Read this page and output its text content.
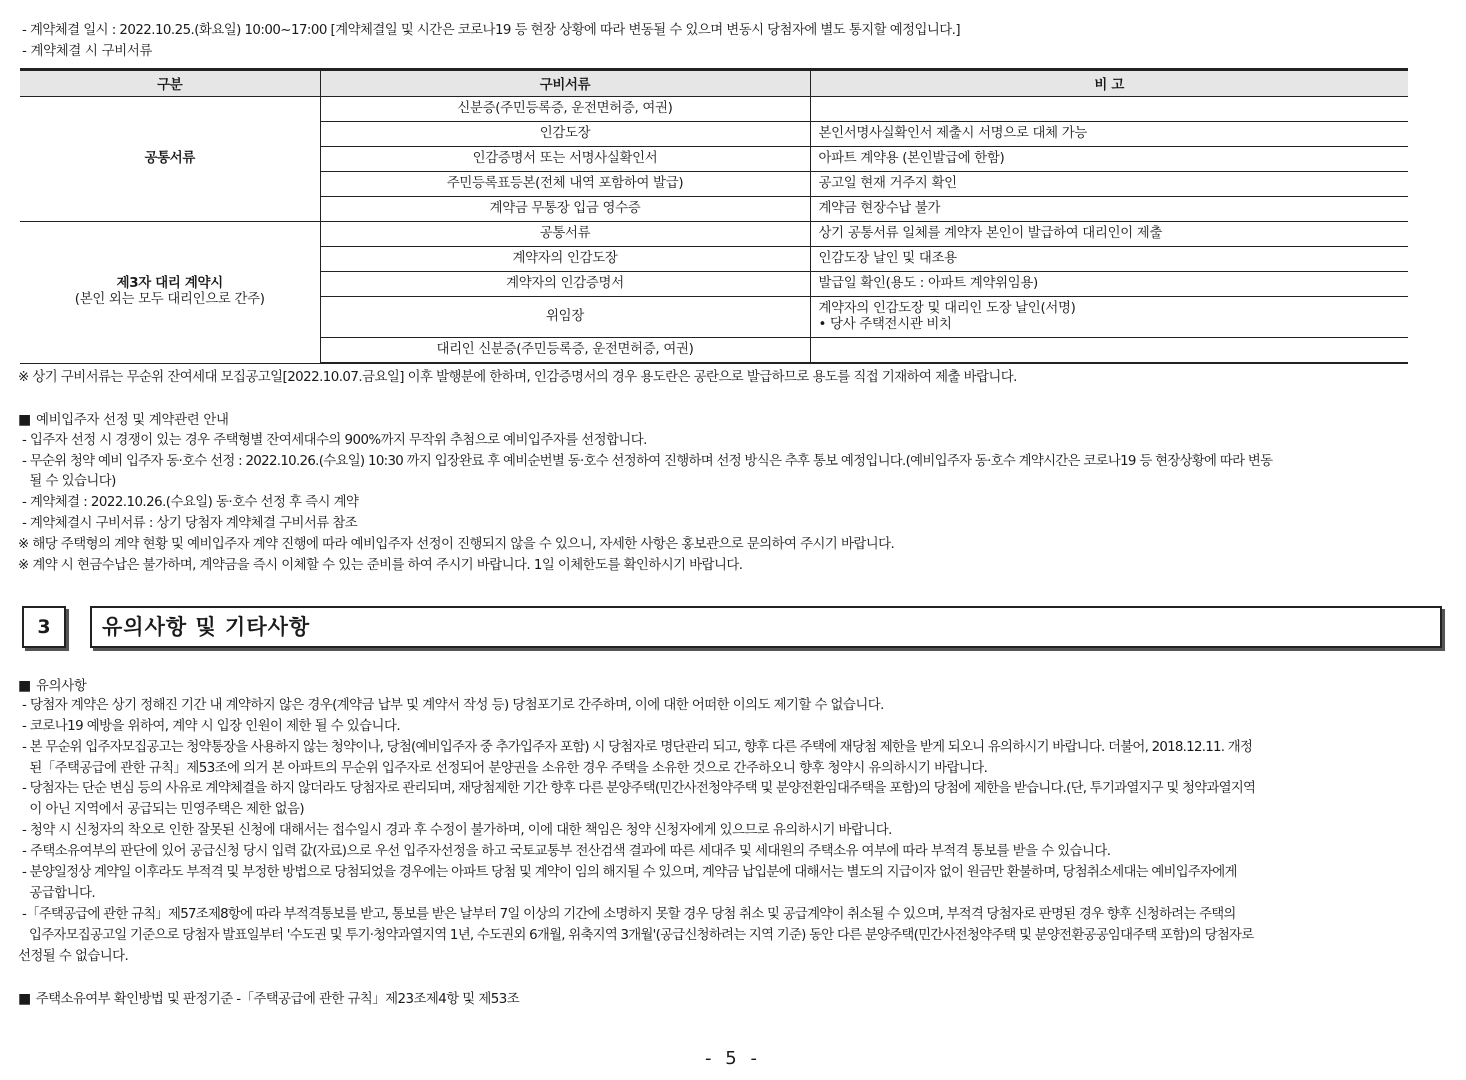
- 계약체결 일시 : 2022.10.25.(화요일) 10:00~17:00 [계약체결일 및 시간은 코로나19 등 현장 상황에 따라 변동될 수 있으며 변동시 당첨자에 별도 통지할 예정입니다.]
- 계약체결 시 구비서류
구분	구비서류	비 고
공통서류	신분증(주민등록증, 운전면허증, 여권)	
	인감도장	본인서명사실확인서 제출시 서명으로 대체 가능
	인감증명서 또는 서명사실확인서	아파트 계약용 (본인발급에 한함)
	주민등록표등본(전체 내역 포함하여 발급)	공고일 현재 거주지 확인
	계약금 무통장 입금 영수증	계약금 현장수납 불가

제3자 대리 계약시
(본인 외는 모두 대리인으로 간주)	공통서류	상기 공통서류 일체를 계약자 본인이 발급하여 대리인이 제출
	계약자의 인감도장	인감도장 날인 및 대조용
	계약자의 인감증명서	발급일 확인(용도 : 아파트 계약위임용)
	위임장	계약자의 인감도장 및 대리인 도장 날인(서명)
• 당사 주택전시관 비치

	대리인 신분증(주민등록증, 운전면허증, 여권)	
※ 상기 구비서류는 무순위 잔여세대 모집공고일[2022.10.07.금요일] 이후 발행분에 한하며, 인감증명서의 경우 용도란은 공란으로 발급하므로 용도를 직접 기재하여 제출 바랍니다.
■ 예비입주자 선정 및 계약관련 안내
- 입주자 선정 시 경쟁이 있는 경우 주택형별 잔여세대수의 900%까지 무작위 추첨으로 예비입주자를 선정합니다.
- 무순위 청약 예비 입주자 동·호수 선정 : 2022.10.26.(수요일) 10:30 까지 입장완료 후 예비순번별 동·호수 선정하여 진행하며 선정 방식은 추후 통보 예정입니다.(예비입주자 동·호수 계약시간은 코로나19 등 현장상황에 따라 변동
될 수 있습니다)
- 계약체결 : 2022.10.26.(수요일) 동·호수 선정 후 즉시 계약
- 계약체결시 구비서류 : 상기 당첨자 계약체결 구비서류 참조
※ 해당 주택형의 계약 현황 및 예비입주자 계약 진행에 따라 예비입주자 선정이 진행되지 않을 수 있으니, 자세한 사항은 홍보관으로 문의하여 주시기 바랍니다.
※ 계약 시 현금수납은 불가하며, 계약금을 즉시 이체할 수 있는 준비를 하여 주시기 바랍니다. 1일 이체한도를 확인하시기 바랍니다.
3	유의사항 및 기타사항
■ 유의사항
- 당첨자 계약은 상기 정해진 기간 내 계약하지 않은 경우(계약금 납부 및 계약서 작성 등) 당첨포기로 간주하며, 이에 대한 어떠한 이의도 제기할 수 없습니다.
- 코로나19 예방을 위하여, 계약 시 입장 인원이 제한 될 수 있습니다.
- 본 무순위 입주자모집공고는 청약통장을 사용하지 않는 청약이나, 당첨(예비입주자 중 추가입주자 포함) 시 당첨자로 명단관리 되고, 향후 다른 주택에 재당첨 제한을 받게 되오니 유의하시기 바랍니다. 더불어, 2018.12.11. 개정
된「주택공급에 관한 규칙」제53조에 의거 본 아파트의 무순위 입주자로 선정되어 분양권을 소유한 경우 주택을 소유한 것으로 간주하오니 향후 청약시 유의하시기 바랍니다.
- 당첨자는 단순 변심 등의 사유로 계약체결을 하지 않더라도 당첨자로 관리되며, 재당첨제한 기간 향후 다른 분양주택(민간사전청약주택 및 분양전환임대주택을 포함)의 당첨에 제한을 받습니다.(단, 투기과열지구 및 청약과열지역
이 아닌 지역에서 공급되는 민영주택은 제한 없음)
- 청약 시 신청자의 착오로 인한 잘못된 신청에 대해서는 접수일시 경과 후 수정이 불가하며, 이에 대한 책임은 청약 신청자에게 있으므로 유의하시기 바랍니다.
- 주택소유여부의 판단에 있어 공급신청 당시 입력 값(자료)으로 우선 입주자선정을 하고 국토교통부 전산검색 결과에 따른 세대주 및 세대원의 주택소유 여부에 따라 부적격 통보를 받을 수 있습니다.
- 분양일정상 계약일 이후라도 부적격 및 부정한 방법으로 당첨되었을 경우에는 아파트 당첨 및 계약이 임의 해지될 수 있으며, 계약금 납입분에 대해서는 별도의 지급이자 없이 원금만 환불하며, 당첨취소세대는 예비입주자에게
공급합니다.
-「주택공급에 관한 규칙」제57조제8항에 따라 부적격통보를 받고, 통보를 받은 날부터 7일 이상의 기간에 소명하지 못할 경우 당첨 취소 및 공급계약이 취소될 수 있으며, 부적격 당첨자로 판명된 경우 향후 신청하려는 주택의
입주자모집공고일 기준으로 당첨자 발표일부터 '수도권 및 투기·청약과열지역 1년, 수도권외 6개월, 위축지역 3개월'(공급신청하려는 지역 기준) 동안 다른 분양주택(민간사전청약주택 및 분양전환공공임대주택 포함)의 당첨자로
선정될 수 없습니다.
■ 주택소유여부 확인방법 및 판정기준 -「주택공급에 관한 규칙」제23조제4항 및 제53조
- 5 -
